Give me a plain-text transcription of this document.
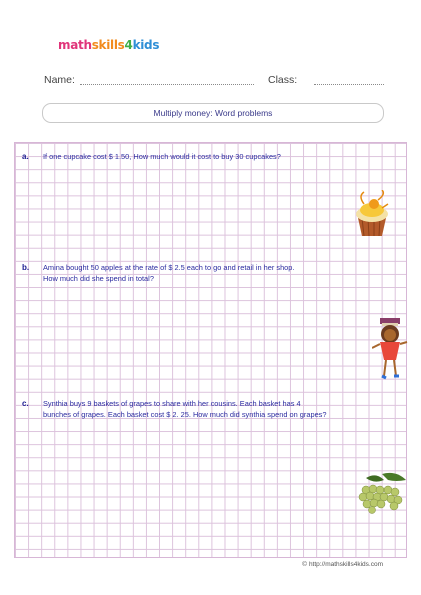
mathskills4kids
Name:	Class:
Multiply money: Word problems
a. If one cupcake cost $ 1.50, How much would it cost to buy 30 cupcakes?
b. Amina bought 50 apples at the rate of $ 2.5 each to go and retail in her shop.
How much did she spend in total?
c. Synthia buys 9 baskets of grapes to share with her cousins. Each basket has 4
bunches of grapes. Each basket cost $ 2. 25. How much did synthia spend on grapes?
© http://mathskills4kids.com
